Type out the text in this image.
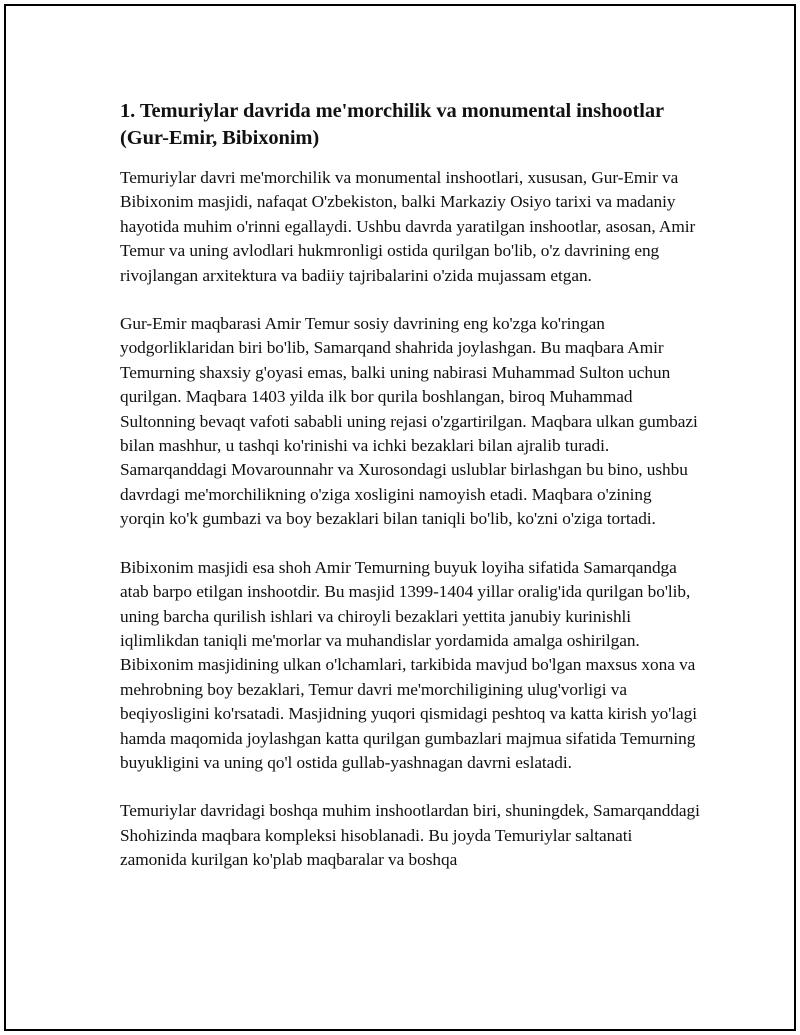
1. Temuriylar davrida me'morchilik va monumental inshootlar (Gur-Emir, Bibixonim)

Temuriylar davri me'morchilik va monumental inshootlari, xususan, Gur-Emir va Bibixonim masjidi, nafaqat O'zbekiston, balki Markaziy Osiyo tarixi va madaniy hayotida muhim o'rinni egallaydi. Ushbu davrda yaratilgan inshootlar, asosan, Amir Temur va uning avlodlari hukmronligi ostida qurilgan bo'lib, o'z davrining eng rivojlangan arxitektura va badiiy tajribalarini o'zida mujassam etgan.

Gur-Emir maqbarasi Amir Temur sosiy davrining eng ko'zga ko'ringan yodgorliklaridan biri bo'lib, Samarqand shahrida joylashgan. Bu maqbara Amir Temurning shaxsiy g'oyasi emas, balki uning nabirasi Muhammad Sulton uchun qurilgan. Maqbara 1403 yilda ilk bor qurila boshlangan, biroq Muhammad Sultonning bevaqt vafoti sababli uning rejasi o'zgartirilgan. Maqbara ulkan gumbazi bilan mashhur, u tashqi ko'rinishi va ichki bezaklari bilan ajralib turadi. Samarqanddagi Movarounnahr va Xurosondagi uslublar birlashgan bu bino, ushbu davrdagi me'morchilikning o'ziga xosligini namoyish etadi. Maqbara o'zining yorqin ko'k gumbazi va boy bezaklari bilan taniqli bo'lib, ko'zni o'ziga tortadi.

Bibixonim masjidi esa shoh Amir Temurning buyuk loyiha sifatida Samarqandga atab barpo etilgan inshootdir. Bu masjid 1399-1404 yillar oralig'ida qurilgan bo'lib, uning barcha qurilish ishlari va chiroyli bezaklari yettita janubiy kurinishli iqlimlikdan taniqli me'morlar va muhandislar yordamida amalga oshirilgan. Bibixonim masjidining ulkan o'lchamlari, tarkibida mavjud bo'lgan maxsus xona va mehrobning boy bezaklari, Temur davri me'morchiligining ulug'vorligi va beqiyosligini ko'rsatadi. Masjidning yuqori qismidagi peshtoq va katta kirish yo'lagi hamda maqomida joylashgan katta qurilgan gumbazlari majmua sifatida Temurning buyukligini va uning qo'l ostida gullab-yashnagan davrni eslatadi.

Temuriylar davridagi boshqa muhim inshootlardan biri, shuningdek, Samarqanddagi Shohizinda maqbara kompleksi hisoblanadi. Bu joyda Temuriylar saltanati zamonida kurilgan ko'plab maqbaralar va boshqa
